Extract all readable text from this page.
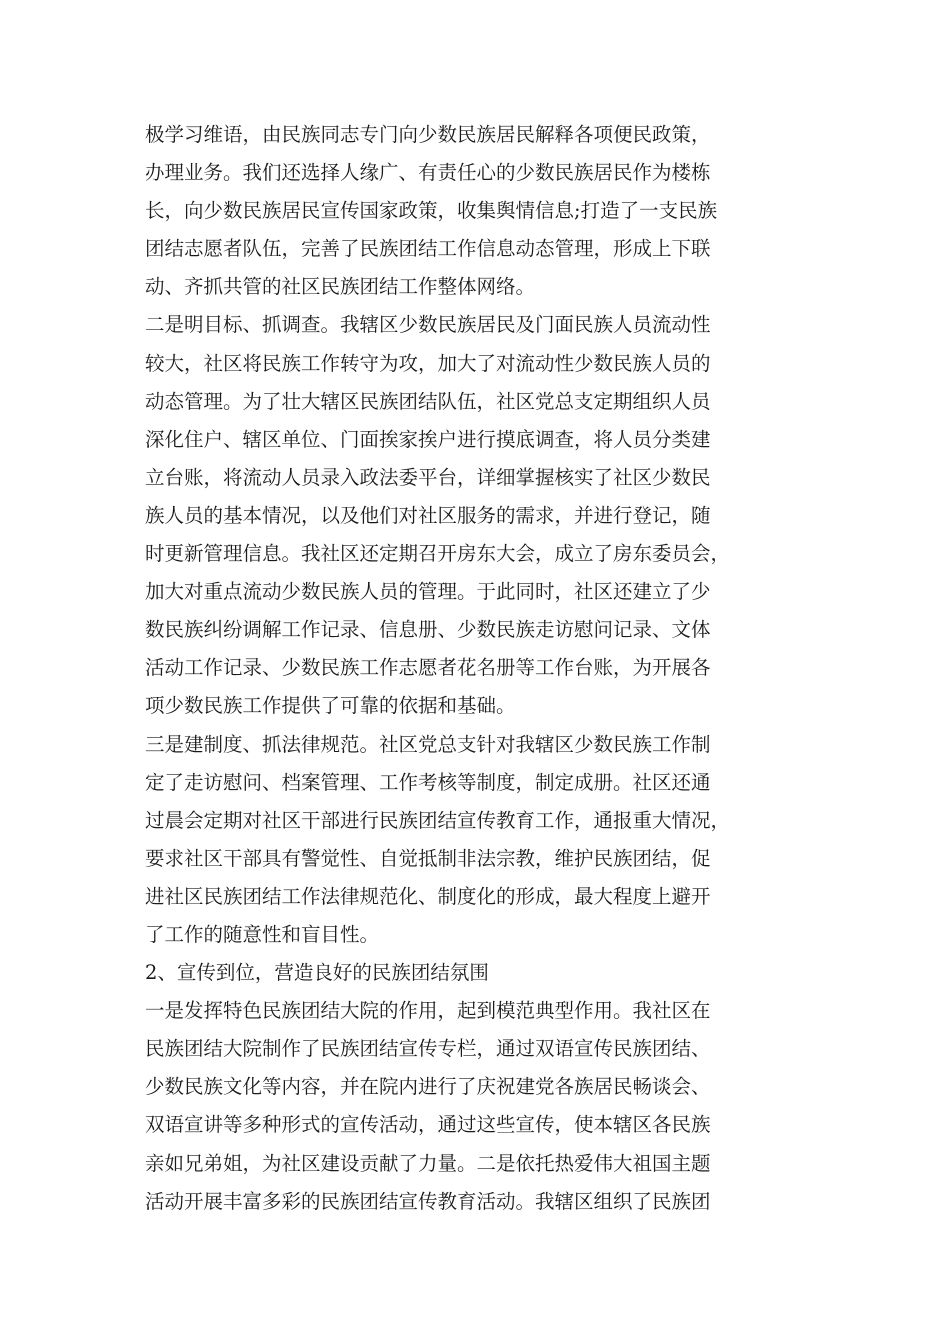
极学习维语，由民族同志专门向少数民族居民解释各项便民政策，
办理业务。我们还选择人缘广、有责任心的少数民族居民作为楼栋
长，向少数民族居民宣传国家政策，收集舆情信息;打造了一支民族
团结志愿者队伍，完善了民族团结工作信息动态管理，形成上下联
动、齐抓共管的社区民族团结工作整体网络。
二是明目标、抓调查。我辖区少数民族居民及门面民族人员流动性
较大，社区将民族工作转守为攻，加大了对流动性少数民族人员的
动态管理。为了壮大辖区民族团结队伍，社区党总支定期组织人员
深化住户、辖区单位、门面挨家挨户进行摸底调查，将人员分类建
立台账，将流动人员录入政法委平台，详细掌握核实了社区少数民
族人员的基本情况，以及他们对社区服务的需求，并进行登记，随
时更新管理信息。我社区还定期召开房东大会，成立了房东委员会，
加大对重点流动少数民族人员的管理。于此同时，社区还建立了少
数民族纠纷调解工作记录、信息册、少数民族走访慰问记录、文体
活动工作记录、少数民族工作志愿者花名册等工作台账，为开展各
项少数民族工作提供了可靠的依据和基础。
三是建制度、抓法律规范。社区党总支针对我辖区少数民族工作制
定了走访慰问、档案管理、工作考核等制度，制定成册。社区还通
过晨会定期对社区干部进行民族团结宣传教育工作，通报重大情况，
要求社区干部具有警觉性、自觉抵制非法宗教，维护民族团结，促
进社区民族团结工作法律规范化、制度化的形成，最大程度上避开
了工作的随意性和盲目性。
2、宣传到位，营造良好的民族团结氛围
一是发挥特色民族团结大院的作用，起到模范典型作用。我社区在
民族团结大院制作了民族团结宣传专栏，通过双语宣传民族团结、
少数民族文化等内容，并在院内进行了庆祝建党各族居民畅谈会、
双语宣讲等多种形式的宣传活动，通过这些宣传，使本辖区各民族
亲如兄弟姐，为社区建设贡献了力量。二是依托热爱伟大祖国主题
活动开展丰富多彩的民族团结宣传教育活动。我辖区组织了民族团
